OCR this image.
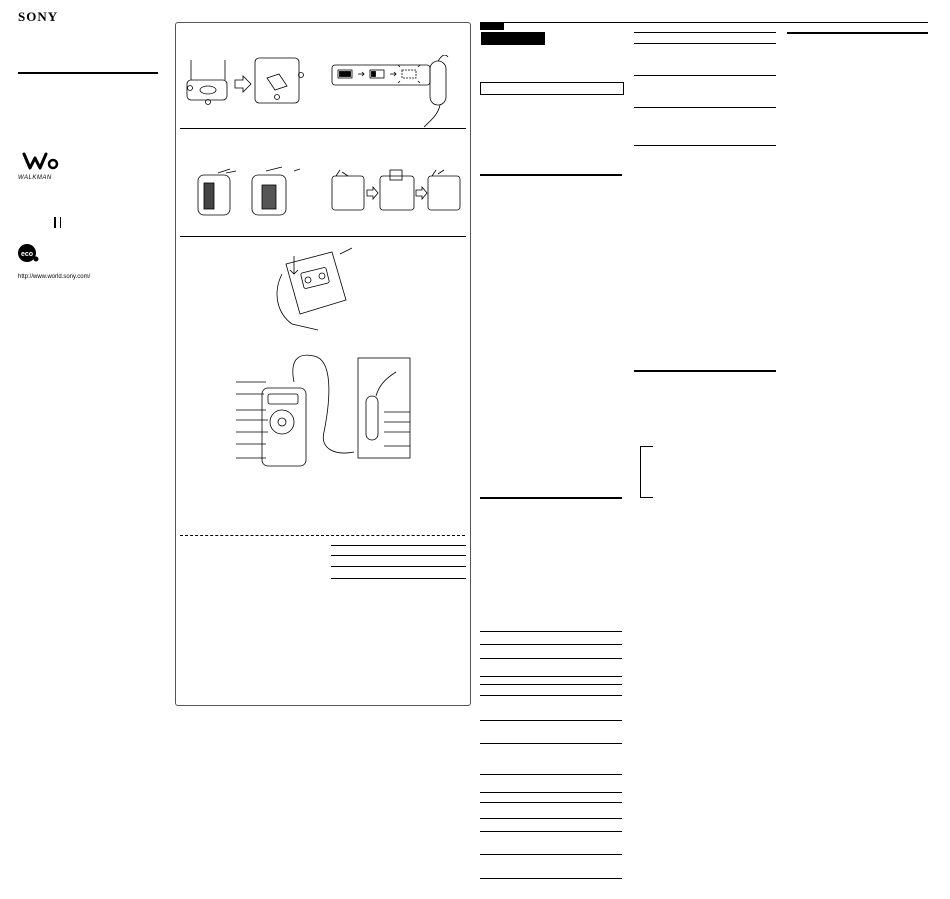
SONY
WALKMAN
eco
http://www.world.sony.com/
